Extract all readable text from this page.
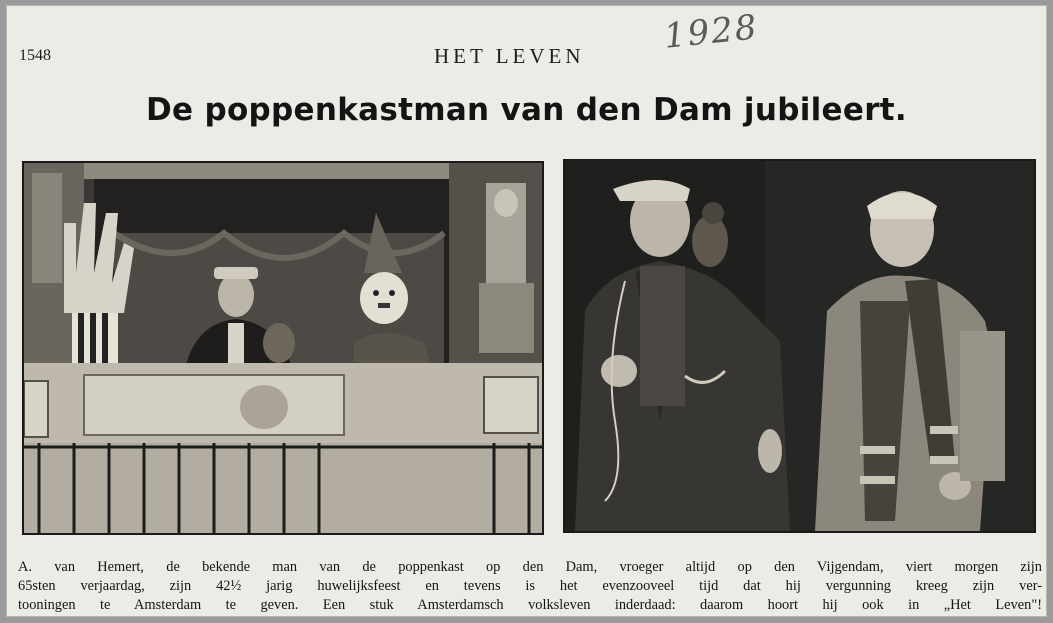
1548	HET LEVEN 1928
De poppenkastman van den Dam jubileert.
A. van Hemert, de bekende man van de poppenkast op den Dam, vroeger altijd op den Vijgendam, viert morgen zijn
65sten verjaardag, zijn 42½ jarig huwelijksfeest en tevens is het evenzooveel tijd dat hij vergunning kreeg zijn ver-
tooningen te Amsterdam te geven. Een stuk Amsterdamsch volksleven inderdaad: daarom hoort hij ook in „Het Leven"!
